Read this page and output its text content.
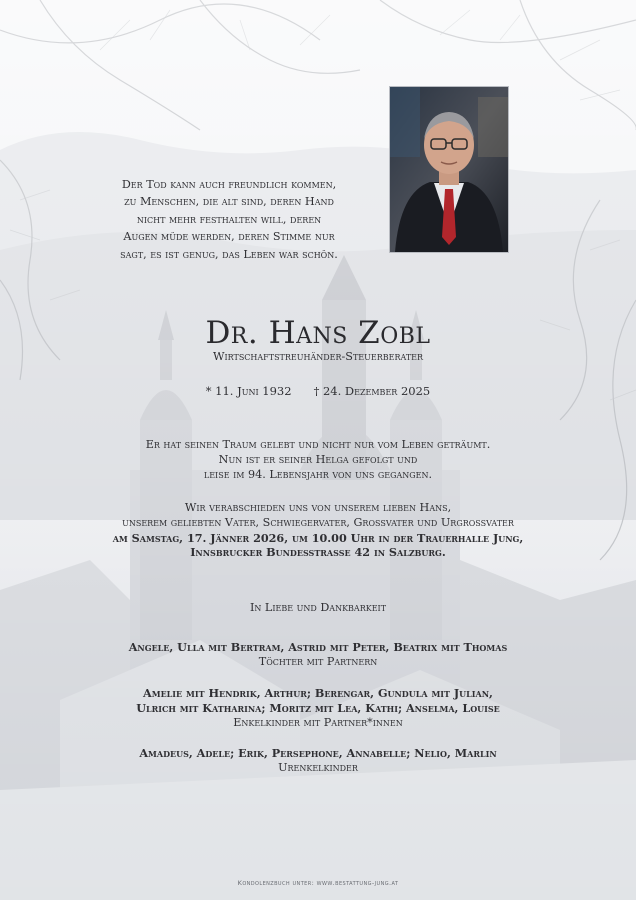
Der Tod kann auch freundlich kommen,
zu Menschen, die alt sind, deren Hand
nicht mehr festhalten will, deren
Augen müde werden, deren Stimme nur
sagt, es ist genug, das Leben war schön.
Dr. Hans Zobl
Wirtschaftstreuhänder-Steuerberater
* 11. Juni 1932 † 24. Dezember 2025
Er hat seinen Traum gelebt und nicht nur vom Leben geträumt.
Nun ist er seiner Helga gefolgt und
leise im 94. Lebensjahr von uns gegangen.
Wir verabschieden uns von unserem lieben Hans,
unserem geliebten Vater, Schwiegervater, Grossvater und Urgrossvater
am Samstag, 17. Jänner 2026, um 10.00 Uhr in der Trauerhalle Jung,
Innsbrucker Bundesstrasse 42 in Salzburg.
In Liebe und Dankbarkeit
Angele, Ulla mit Bertram, Astrid mit Peter, Beatrix mit Thomas
Töchter mit Partnern
Amelie mit Hendrik, Arthur; Berengar, Gundula mit Julian,
Ulrich mit Katharina; Moritz mit Lea, Kathi; Anselma, Louise
Enkelkinder mit Partner*innen
Amadeus, Adele; Erik, Persephone, Annabelle; Nelio, Marlin
Urenkelkinder
Kondolenzbuch unter: www.bestattung-jung.at
